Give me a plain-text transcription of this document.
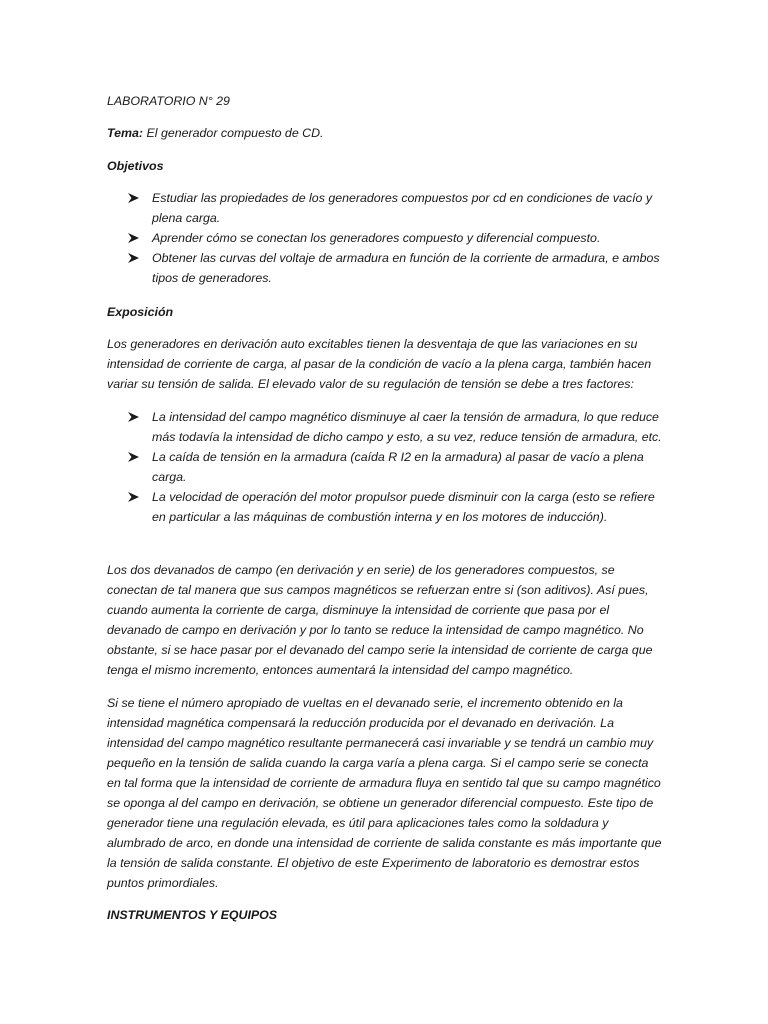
LABORATORIO N° 29

Tema: El generador compuesto de CD.

Objetivos

Estudiar las propiedades de los generadores compuestos por cd en condiciones de vacío y plena carga.
Aprender cómo se conectan los generadores compuesto y diferencial compuesto.
Obtener las curvas del voltaje de armadura en función de la corriente de armadura, e ambos tipos de generadores.

Exposición

Los generadores en derivación auto excitables tienen la desventaja de que las variaciones en su intensidad de corriente de carga, al pasar de la condición de vacío a la plena carga, también hacen variar su tensión de salida. El elevado valor de su regulación de tensión se debe a tres factores:

La intensidad del campo magnético disminuye al caer la tensión de armadura, lo que reduce más todavía la intensidad de dicho campo y esto, a su vez, reduce tensión de armadura, etc.
La caída de tensión en la armadura (caída R I2 en la armadura) al pasar de vacío a plena carga.
La velocidad de operación del motor propulsor puede disminuir con la carga (esto se refiere en particular a las máquinas de combustión interna y en los motores de inducción).

Los dos devanados de campo (en derivación y en serie) de los generadores compuestos, se conectan de tal manera que sus campos magnéticos se refuerzan entre si (son aditivos). Así pues, cuando aumenta la corriente de carga, disminuye la intensidad de corriente que pasa por el devanado de campo en derivación y por lo tanto se reduce la intensidad de campo magnético. No obstante, si se hace pasar por el devanado del campo serie la intensidad de corriente de carga que tenga el mismo incremento, entonces aumentará la intensidad del campo magnético.

Si se tiene el número apropiado de vueltas en el devanado serie, el incremento obtenido en la intensidad magnética compensará la reducción producida por el devanado en derivación. La intensidad del campo magnético resultante permanecerá casi invariable y se tendrá un cambio muy pequeño en la tensión de salida cuando la carga varía a plena carga. Si el campo serie se conecta en tal forma que la intensidad de corriente de armadura fluya en sentido tal que su campo magnético se oponga al del campo en derivación, se obtiene un generador diferencial compuesto. Este tipo de generador tiene una regulación elevada, es útil para aplicaciones tales como la soldadura y alumbrado de arco, en donde una intensidad de corriente de salida constante es más importante que la tensión de salida constante. El objetivo de este Experimento de laboratorio es demostrar estos puntos primordiales.

INSTRUMENTOS Y EQUIPOS
